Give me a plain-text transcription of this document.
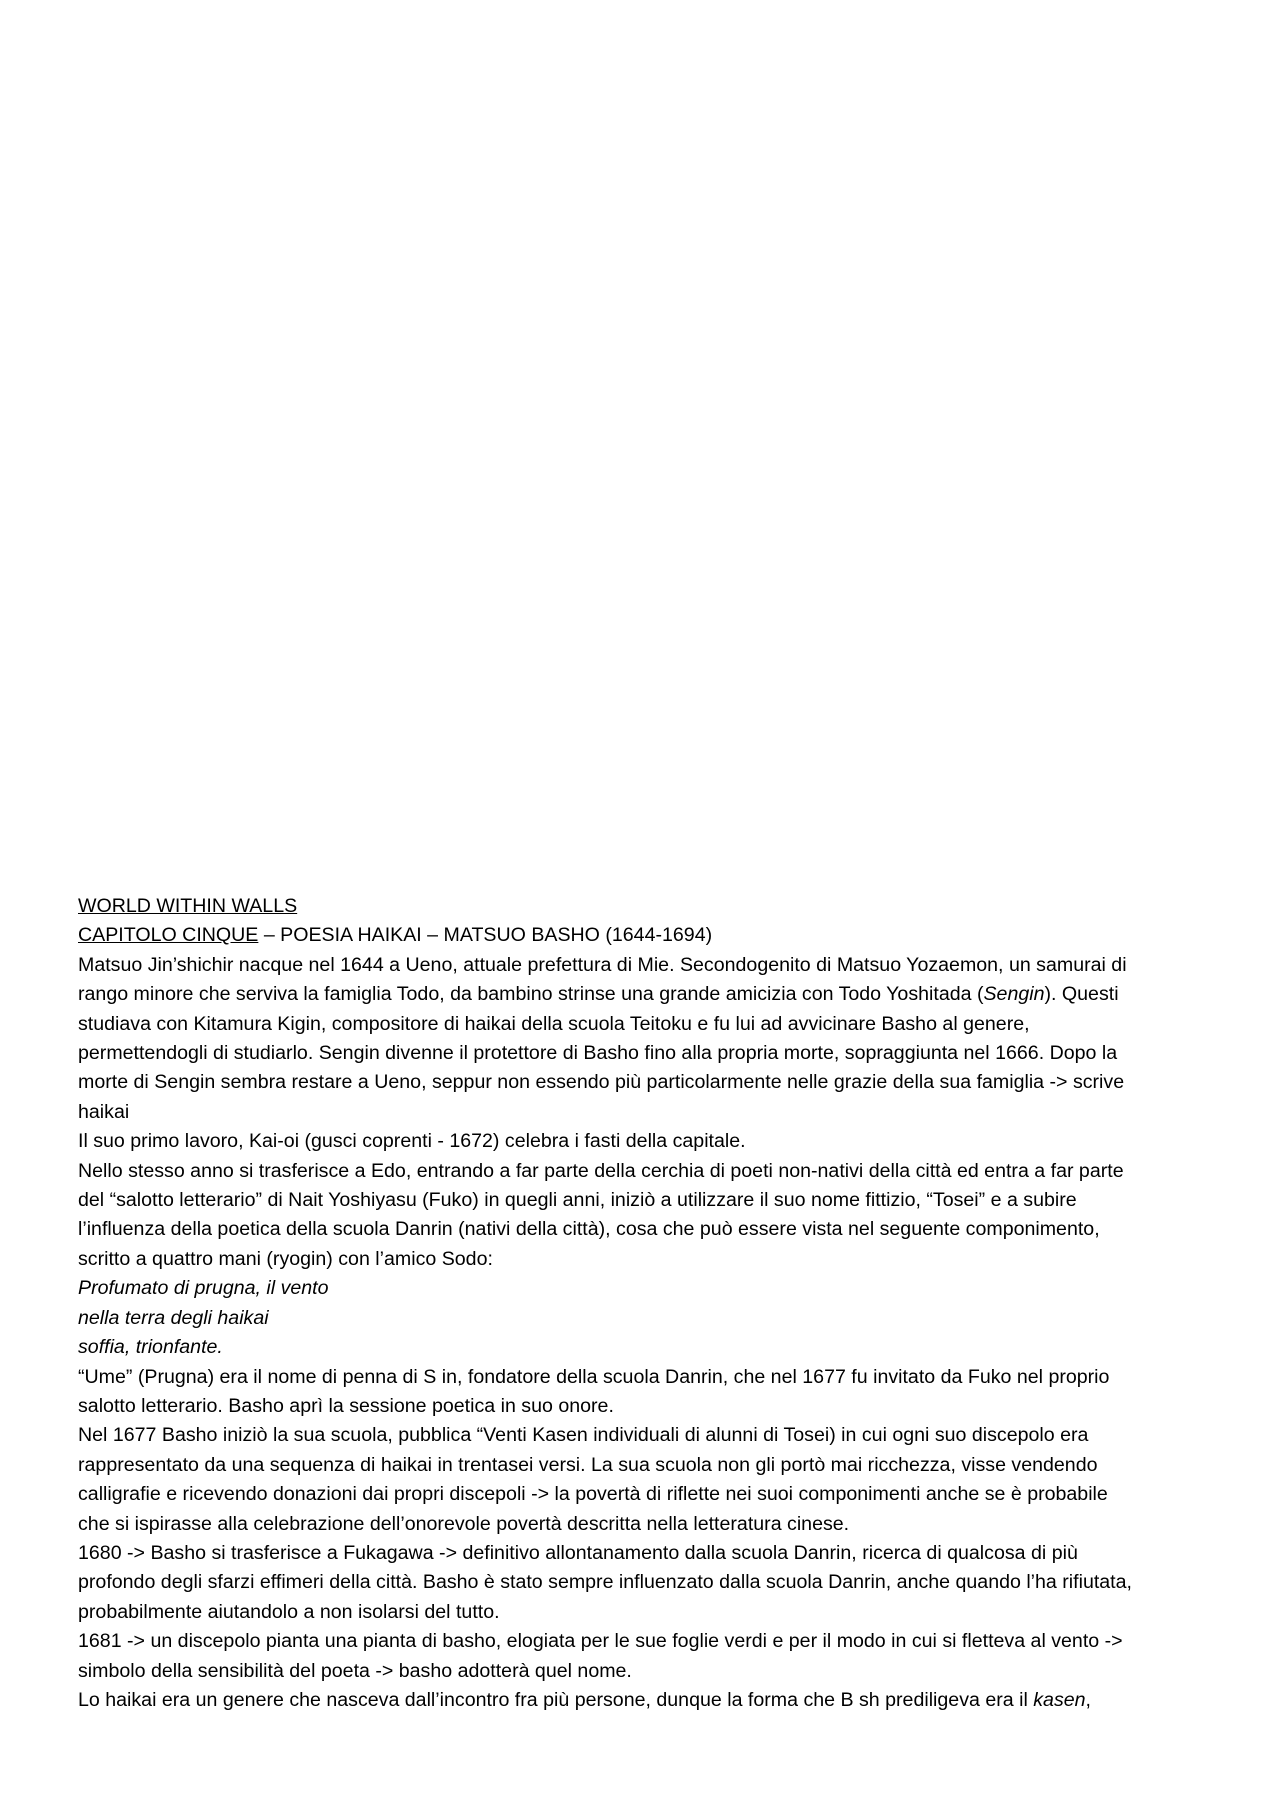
WORLD WITHIN WALLS

CAPITOLO CINQUE – POESIA HAIKAI – MATSUO BASHO (1644-1694)

Matsuo Jin’shichir nacque nel 1644 a Ueno, attuale prefettura di Mie. Secondogenito di Matsuo Yozaemon, un samurai di

rango minore che serviva la famiglia Todo, da bambino strinse una grande amicizia con Todo Yoshitada (Sengin). Questi

studiava con Kitamura Kigin, compositore di haikai della scuola Teitoku e fu lui ad avvicinare Basho al genere,

permettendogli di studiarlo. Sengin divenne il protettore di Basho fino alla propria morte, sopraggiunta nel 1666. Dopo la

morte di Sengin sembra restare a Ueno, seppur non essendo più particolarmente nelle grazie della sua famiglia -> scrive

haikai

Il suo primo lavoro, Kai-oi (gusci coprenti - 1672) celebra i fasti della capitale.

Nello stesso anno si trasferisce a Edo, entrando a far parte della cerchia di poeti non-nativi della città ed entra a far parte

del “salotto letterario” di Nait Yoshiyasu (Fuko) in quegli anni, iniziò a utilizzare il suo nome fittizio, “Tosei” e a subire

l’influenza della poetica della scuola Danrin (nativi della città), cosa che può essere vista nel seguente componimento,

scritto a quattro mani (ryogin) con l’amico Sodo:

Profumato di prugna, il vento

nella terra degli haikai

soffia, trionfante.

“Ume” (Prugna) era il nome di penna di S in, fondatore della scuola Danrin, che nel 1677 fu invitato da Fuko nel proprio

salotto letterario. Basho aprì la sessione poetica in suo onore.

Nel 1677 Basho iniziò la sua scuola, pubblica “Venti Kasen individuali di alunni di Tosei) in cui ogni suo discepolo era

rappresentato da una sequenza di haikai in trentasei versi. La sua scuola non gli portò mai ricchezza, visse vendendo

calligrafie e ricevendo donazioni dai propri discepoli -> la povertà di riflette nei suoi componimenti anche se è probabile

che si ispirasse alla celebrazione dell’onorevole povertà descritta nella letteratura cinese.

1680 -> Basho si trasferisce a Fukagawa -> definitivo allontanamento dalla scuola Danrin, ricerca di qualcosa di più

profondo degli sfarzi effimeri della città. Basho è stato sempre influenzato dalla scuola Danrin, anche quando l’ha rifiutata,

probabilmente aiutandolo a non isolarsi del tutto.

1681 -> un discepolo pianta una pianta di basho, elogiata per le sue foglie verdi e per il modo in cui si fletteva al vento ->

simbolo della sensibilità del poeta -> basho adotterà quel nome.

Lo haikai era un genere che nasceva dall’incontro fra più persone, dunque la forma che B sh prediligeva era il kasen,
